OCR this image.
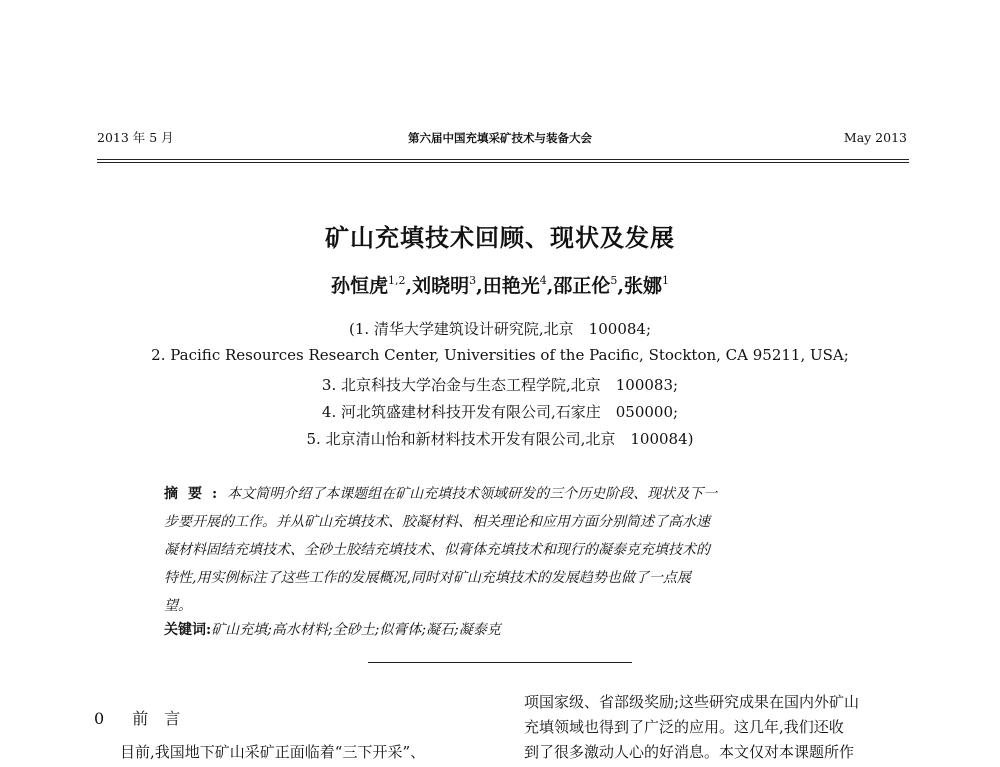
2013 年 5 月	第六届中国充填采矿技术与装备大会	May 2013
矿山充填技术回顾、现状及发展
孙恒虎$^{1,2}$,刘晓明$^3$,田艳光$^4$,邵正伦$^5$,张娜$^1$
(1. 清华大学建筑设计研究院,北京　100084;
2. Pacific Resources Research Center, Universities of the Pacific, Stockton, CA 95211, USA;
3. 北京科技大学冶金与生态工程学院,北京　100083;
4. 河北筑盛建材科技开发有限公司,石家庄　050000;
5. 北京清山怡和新材料技术开发有限公司,北京　100084)
摘要:本文简明介绍了本课题组在矿山充填技术领域研发的三个历史阶段、现状及下一
步要开展的工作。并从矿山充填技术、胶凝材料、相关理论和应用方面分别简述了高水速
凝材料固结充填技术、全砂土胶结充填技术、似膏体充填技术和现行的凝泰克充填技术的
特性,用实例标注了这些工作的发展概况,同时对矿山充填技术的发展趋势也做了一点展
望。
关键词:矿山充填;高水材料;全砂土;似膏体;凝石;凝泰克
0 前言
目前,我国地下矿山采矿正面临着“三下开采”、
项国家级、省部级奖励;这些研究成果在国内外矿山
充填领域也得到了广泛的应用。这几年,我们还收
到了很多激动人心的好消息。本文仅对本课题所作
